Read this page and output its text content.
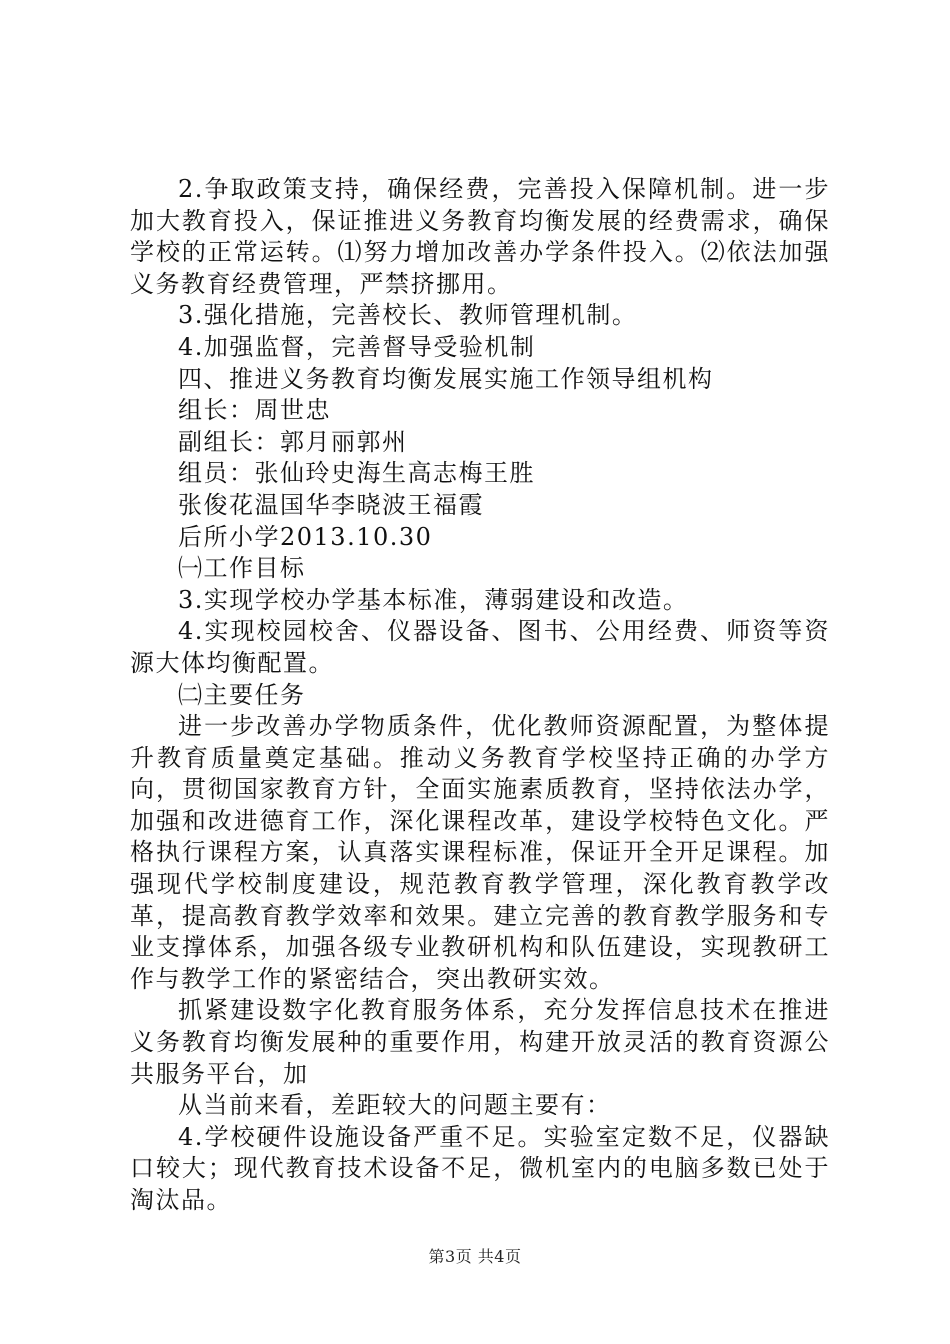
2.争取政策支持，确保经费，完善投入保障机制。进一步加大教育投入，保证推进义务教育均衡发展的经费需求，确保学校的正常运转。⑴努力增加改善办学条件投入。⑵依法加强义务教育经费管理，严禁挤挪用。

3.强化措施，完善校长、教师管理机制。

4.加强监督，完善督导受验机制

四、推进义务教育均衡发展实施工作领导组机构

组长：周世忠

副组长：郭月丽郭州

组员：张仙玲史海生高志梅王胜

张俊花温国华李晓波王福霞

后所小学2013.10.30

㈠工作目标

3.实现学校办学基本标准，薄弱建设和改造。

4.实现校园校舍、仪器设备、图书、公用经费、师资等资源大体均衡配置。

㈡主要任务

进一步改善办学物质条件，优化教师资源配置，为整体提升教育质量奠定基础。推动义务教育学校坚持正确的办学方向，贯彻国家教育方针，全面实施素质教育，坚持依法办学，加强和改进德育工作，深化课程改革，建设学校特色文化。严格执行课程方案，认真落实课程标准，保证开全开足课程。加强现代学校制度建设，规范教育教学管理，深化教育教学改革，提高教育教学效率和效果。建立完善的教育教学服务和专业支撑体系，加强各级专业教研机构和队伍建设，实现教研工作与教学工作的紧密结合，突出教研实效。

抓紧建设数字化教育服务体系，充分发挥信息技术在推进义务教育均衡发展种的重要作用，构建开放灵活的教育资源公共服务平台，加

从当前来看，差距较大的问题主要有：

4.学校硬件设施设备严重不足。实验室定数不足，仪器缺口较大；现代教育技术设备不足，微机室内的电脑多数已处于淘汰品。

第3页 共4页
